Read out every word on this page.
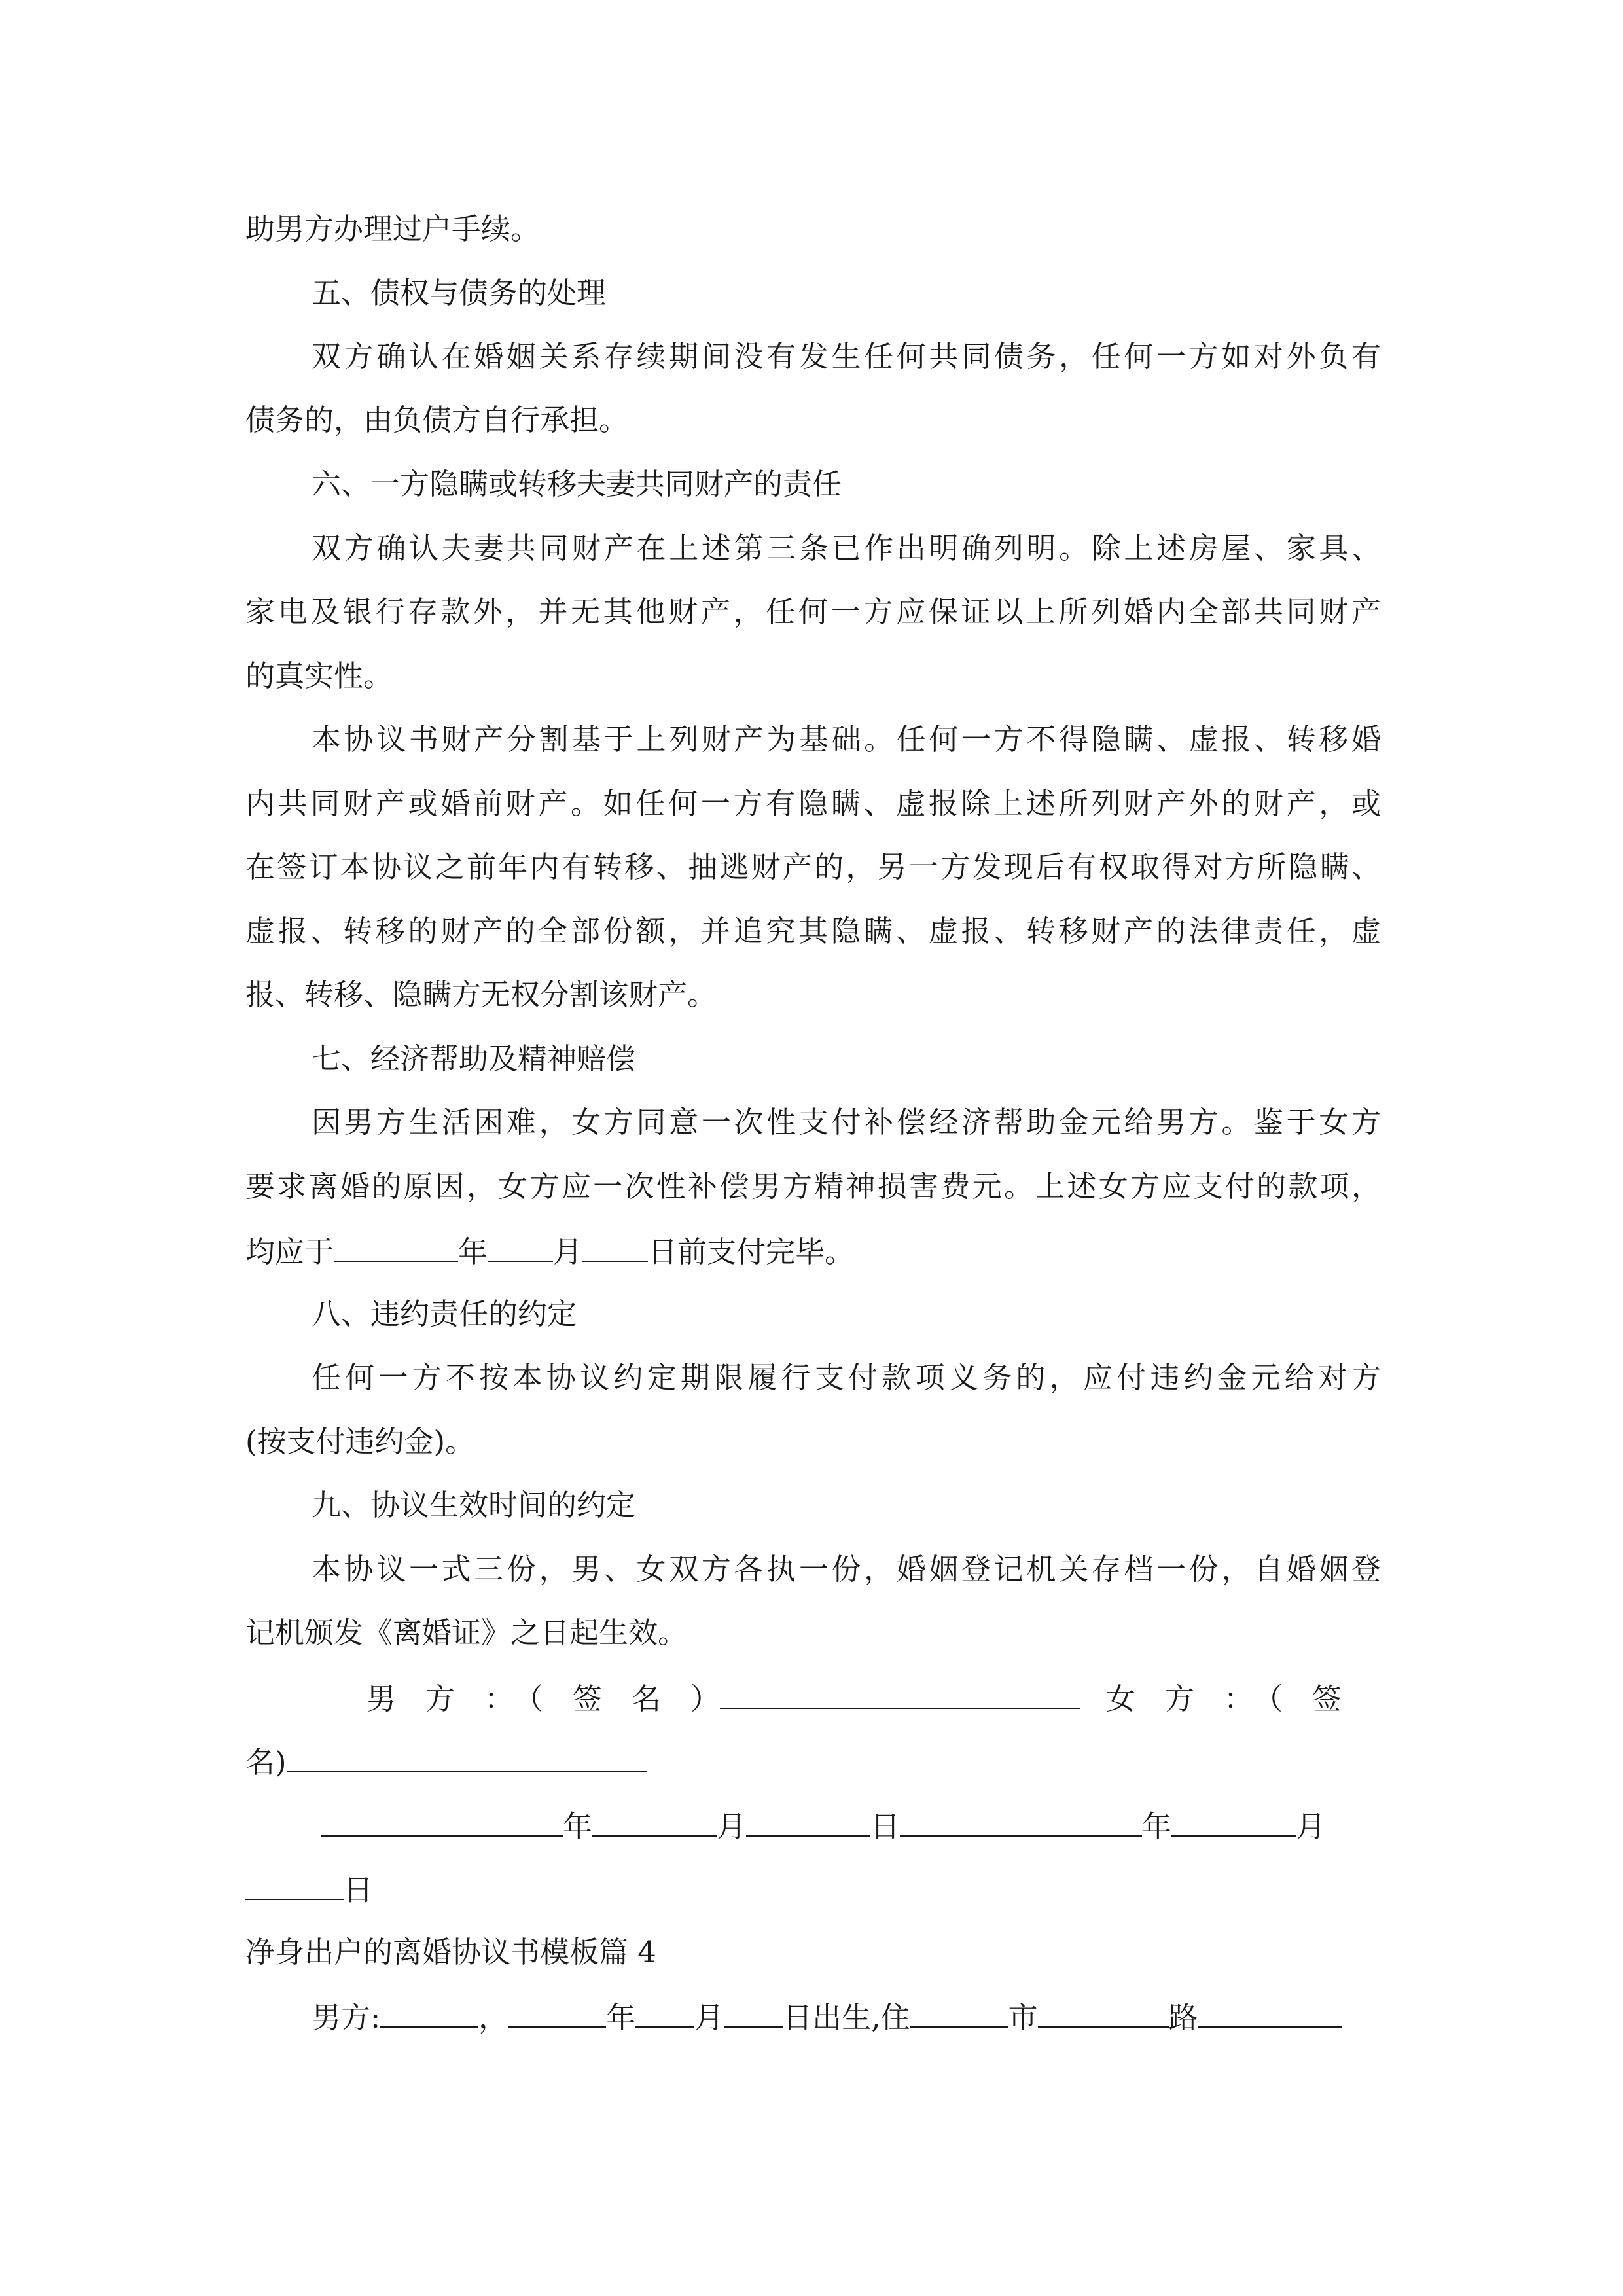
助男方办理过户手续。
五、债权与债务的处理
双方确认在婚姻关系存续期间没有发生任何共同债务，任何一方如对外负有
债务的，由负债方自行承担。
六、一方隐瞒或转移夫妻共同财产的责任
双方确认夫妻共同财产在上述第三条已作出明确列明。除上述房屋、家具、
家电及银行存款外，并无其他财产，任何一方应保证以上所列婚内全部共同财产
的真实性。
本协议书财产分割基于上列财产为基础。任何一方不得隐瞒、虚报、转移婚
内共同财产或婚前财产。如任何一方有隐瞒、虚报除上述所列财产外的财产，或
在签订本协议之前年内有转移、抽逃财产的，另一方发现后有权取得对方所隐瞒、
虚报、转移的财产的全部份额，并追究其隐瞒、虚报、转移财产的法律责任，虚
报、转移、隐瞒方无权分割该财产。
七、经济帮助及精神赔偿
因男方生活困难，女方同意一次性支付补偿经济帮助金元给男方。鉴于女方
要求离婚的原因，女方应一次性补偿男方精神损害费元。上述女方应支付的款项，
均应于	年 月 日前支付完毕。
八、违约责任的约定
任何一方不按本协议约定期限履行支付款项义务的，应付违约金元给对方
(按支付违约金)。
九、协议生效时间的约定
本协议一式三份，男、女双方各执一份，婚姻登记机关存档一份，自婚姻登
记机颁发《离婚证》之日起生效。
男　方　：　（　签　名　）	女　方　：　（　签
名)
年	月	日	年	月
日
净身出户的离婚协议书模板篇 4
男方:	，	年 月 日出生,住	市	路
